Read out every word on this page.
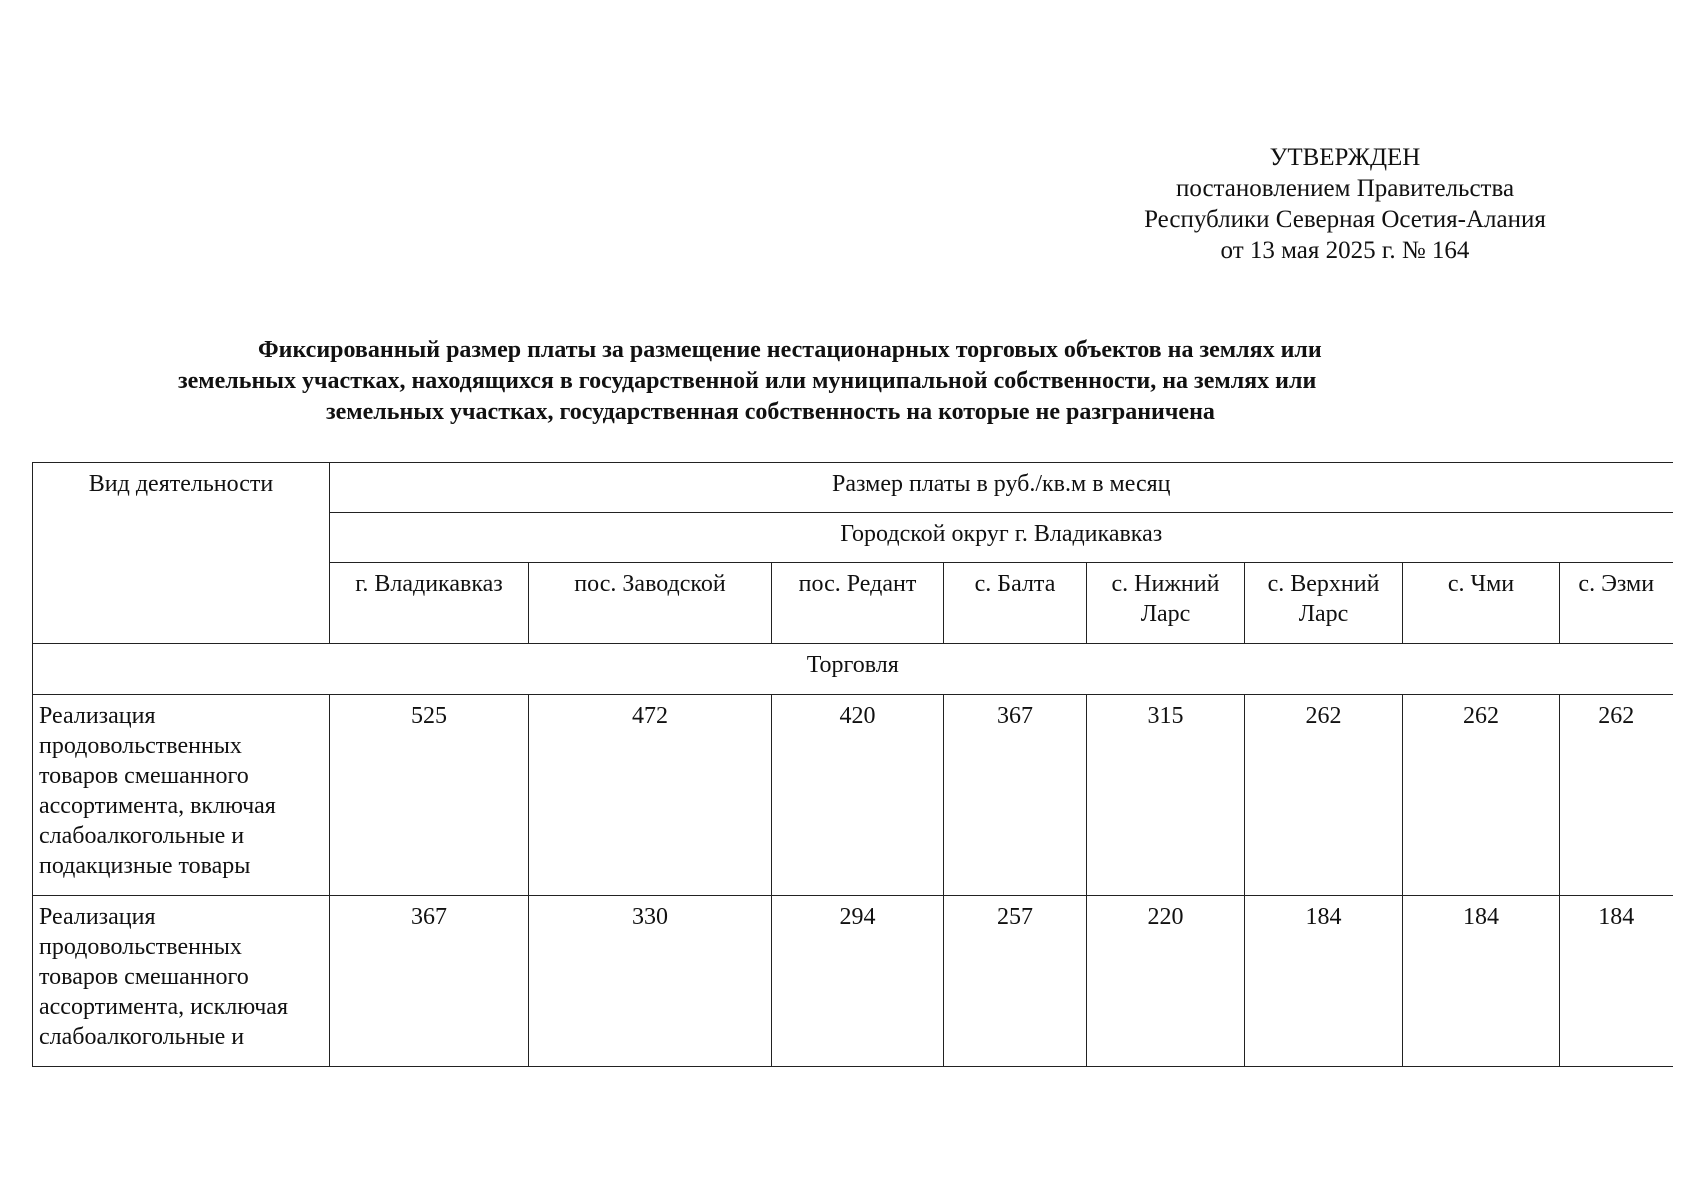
УТВЕРЖДЕН
постановлением Правительства
Республики Северная Осетия-Алания
от 13 мая 2025 г. № 164
Фиксированный размер платы за размещение нестационарных торговых объектов на землях или
земельных участках, находящихся в государственной или муниципальной собственности, на землях или
земельных участках, государственная собственность на которые не разграничена
Вид деятельности	Размер платы в руб./кв.м в месяц							
	Городской округ г. Владикавказ							
	г. Владикавказ	пос. Заводской	пос. Редант	с. Балта	с. Нижний Ларс	с. Верхний Ларс	с. Чми	с. Эзми
Торговля								
Реализация продовольственных товаров смешанного ассортимента, включая слабоалкогольные и подакцизные товары	525	472	420	367	315	262	262	262
Реализация продовольственных товаров смешанного ассортимента, исключая слабоалкогольные и	367	330	294	257	220	184	184	184
